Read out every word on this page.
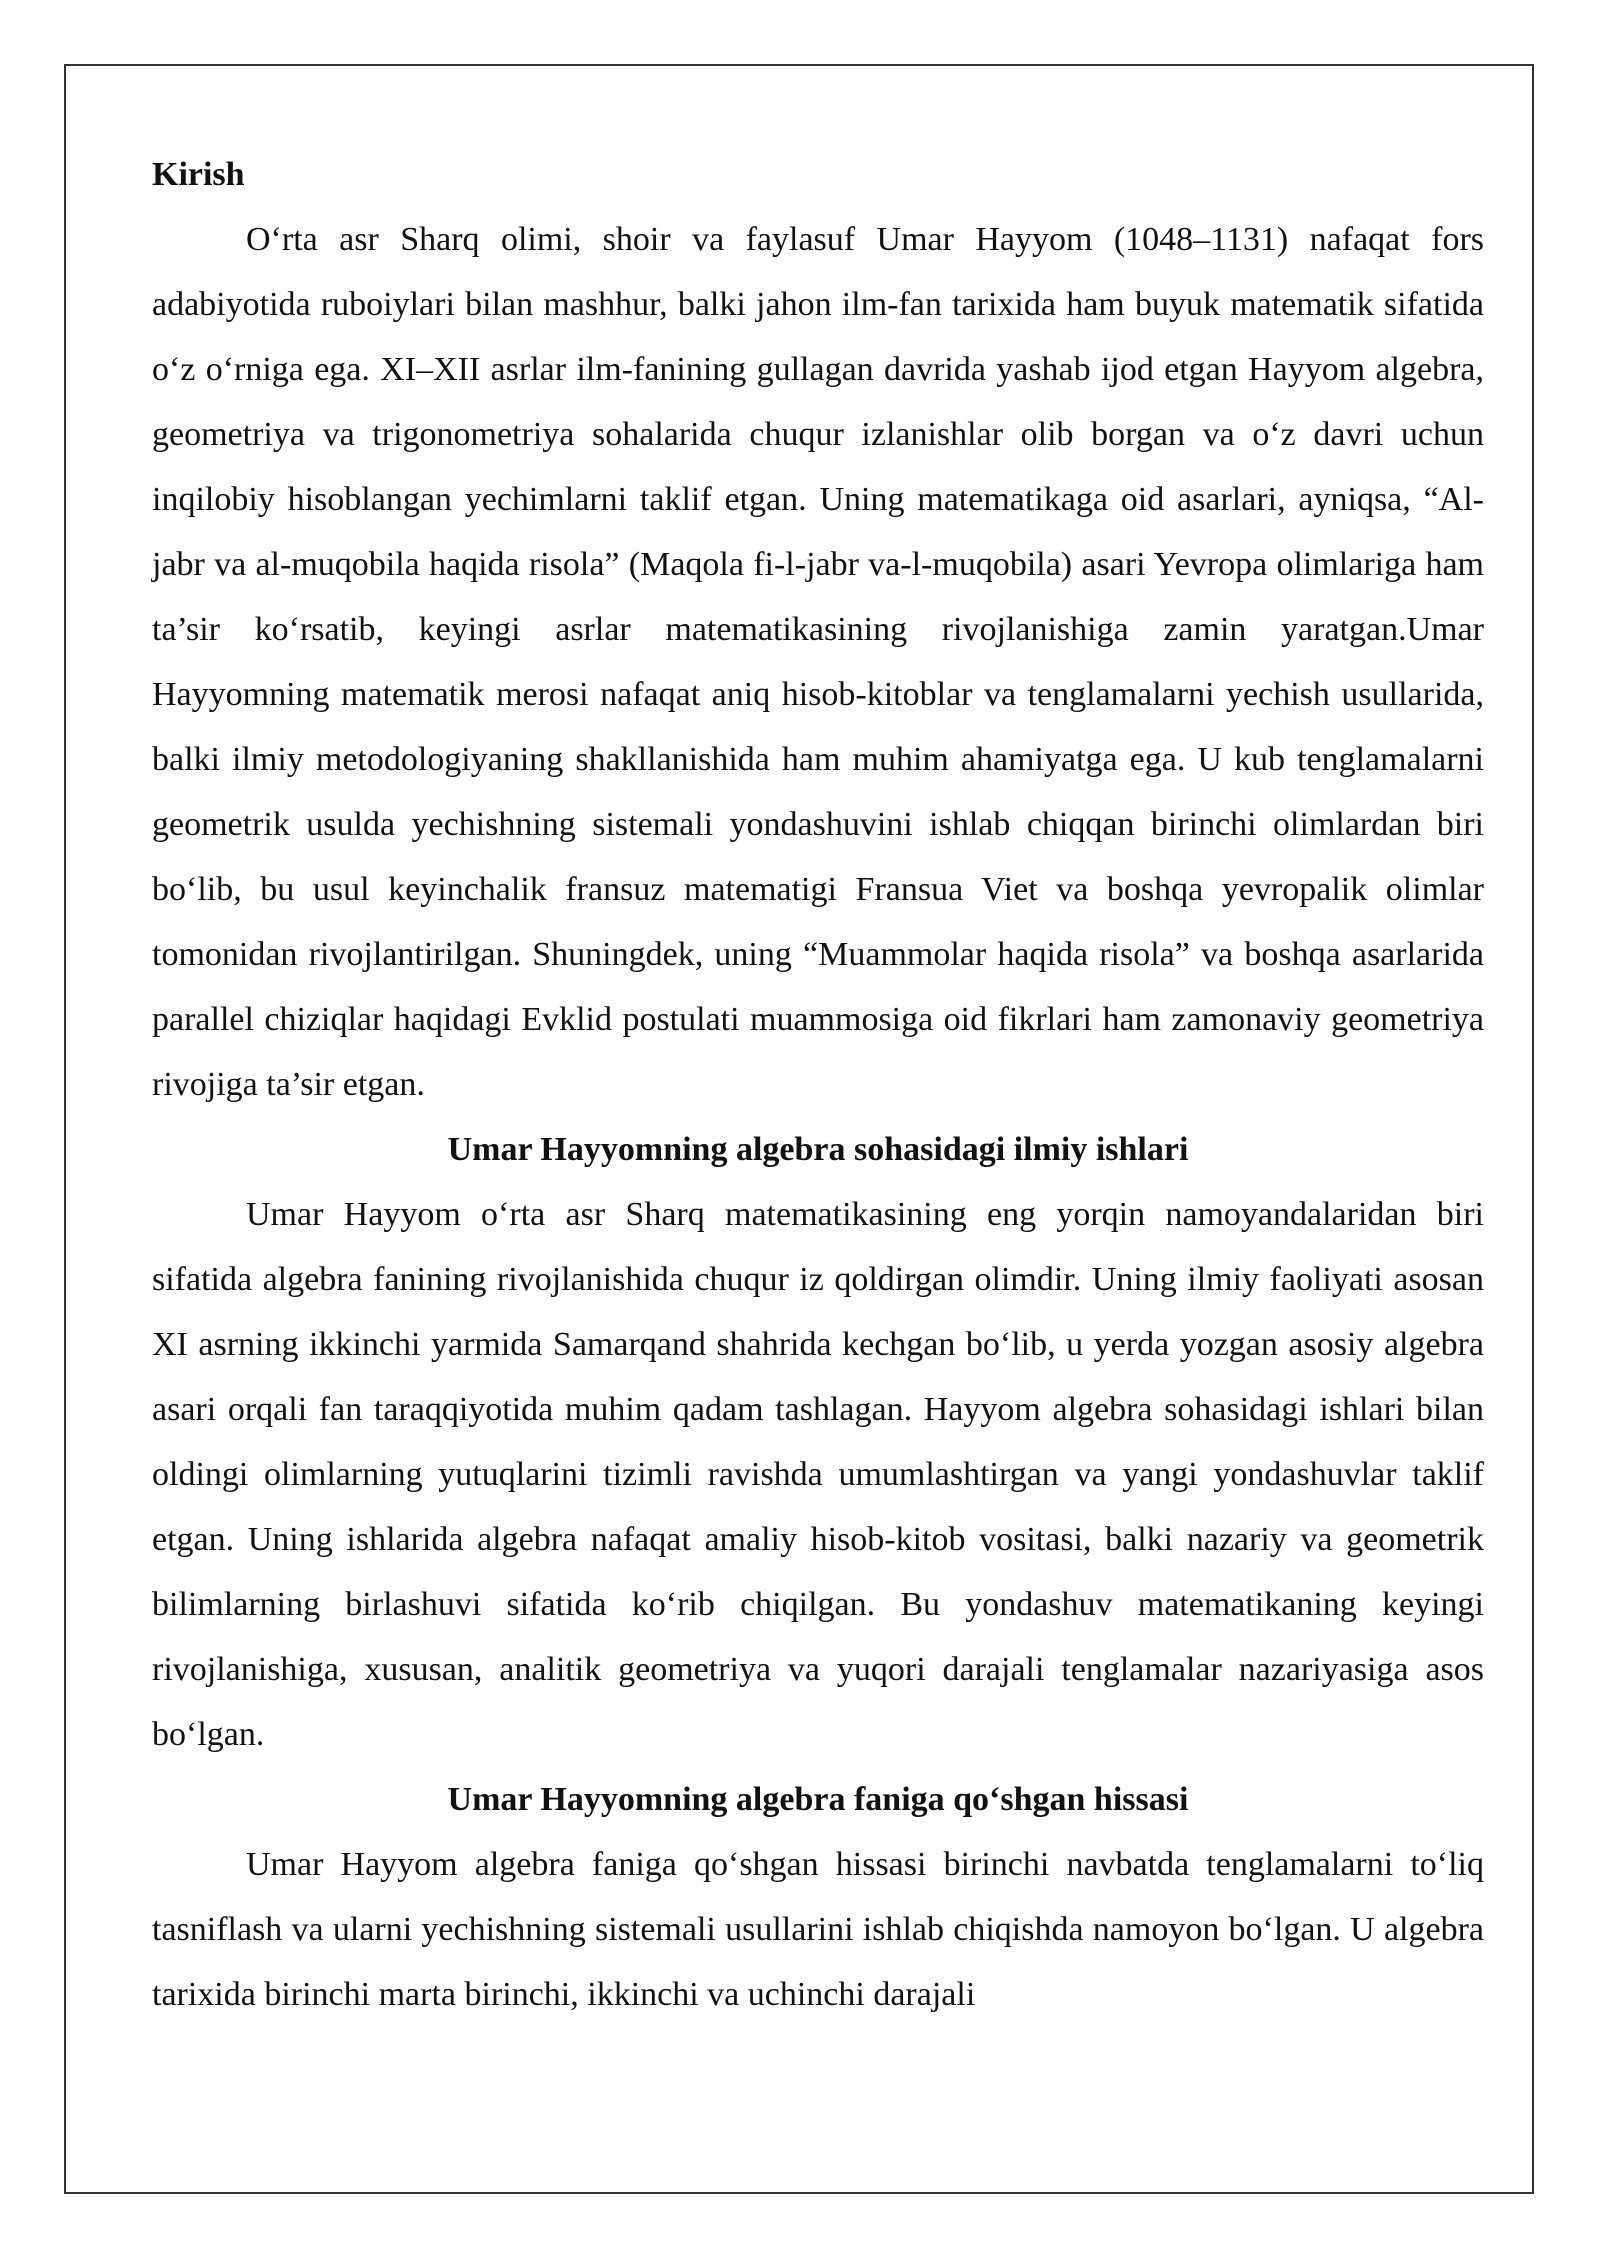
Kirish

O‘rta asr Sharq olimi, shoir va faylasuf Umar Hayyom (1048–1131) nafaqat fors adabiyotida ruboiylari bilan mashhur, balki jahon ilm-fan tarixida ham buyuk matematik sifatida o‘z o‘rniga ega. XI–XII asrlar ilm-fanining gullagan davrida yashab ijod etgan Hayyom algebra, geometriya va trigonometriya sohalarida chuqur izlanishlar olib borgan va o‘z davri uchun inqilobiy hisoblangan yechimlarni taklif etgan. Uning matematikaga oid asarlari, ayniqsa, “Al-jabr va al-muqobila haqida risola” (Maqola fi-l-jabr va-l-muqobila) asari Yevropa olimlariga ham ta’sir ko‘rsatib, keyingi asrlar matematikasining rivojlanishiga zamin yaratgan.Umar Hayyomning matematik merosi nafaqat aniq hisob-kitoblar va tenglamalarni yechish usullarida, balki ilmiy metodologiyaning shakllanishida ham muhim ahamiyatga ega. U kub tenglamalarni geometrik usulda yechishning sistemali yondashuvini ishlab chiqqan birinchi olimlardan biri bo‘lib, bu usul keyinchalik fransuz matematigi Fransua Viet va boshqa yevropalik olimlar tomonidan rivojlantirilgan. Shuningdek, uning “Muammolar haqida risola” va boshqa asarlarida parallel chiziqlar haqidagi Evklid postulati muammosiga oid fikrlari ham zamonaviy geometriya rivojiga ta’sir etgan.

Umar Hayyomning algebra sohasidagi ilmiy ishlari

Umar Hayyom o‘rta asr Sharq matematikasining eng yorqin namoyandalaridan biri sifatida algebra fanining rivojlanishida chuqur iz qoldirgan olimdir. Uning ilmiy faoliyati asosan XI asrning ikkinchi yarmida Samarqand shahrida kechgan bo‘lib, u yerda yozgan asosiy algebra asari orqali fan taraqqiyotida muhim qadam tashlagan. Hayyom algebra sohasidagi ishlari bilan oldingi olimlarning yutuqlarini tizimli ravishda umumlashtirgan va yangi yondashuvlar taklif etgan. Uning ishlarida algebra nafaqat amaliy hisob-kitob vositasi, balki nazariy va geometrik bilimlarning birlashuvi sifatida ko‘rib chiqilgan. Bu yondashuv matematikaning keyingi rivojlanishiga, xususan, analitik geometriya va yuqori darajali tenglamalar nazariyasiga asos bo‘lgan.

Umar Hayyomning algebra faniga qo‘shgan hissasi

Umar Hayyom algebra faniga qo‘shgan hissasi birinchi navbatda tenglamalarni to‘liq tasniflash va ularni yechishning sistemali usullarini ishlab chiqishda namoyon bo‘lgan. U algebra tarixida birinchi marta birinchi, ikkinchi va uchinchi darajali
